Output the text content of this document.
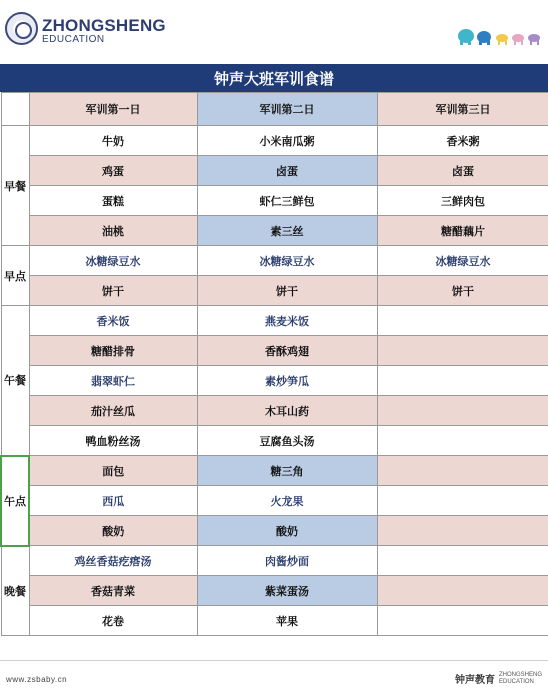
ZHONGSHENG
EDUCATION
钟声大班军训食谱
	军训第一日	军训第二日	军训第三日
早餐	牛奶	小米南瓜粥	香米粥
	鸡蛋	卤蛋	卤蛋
	蛋糕	虾仁三鲜包	三鲜肉包
	油桃	素三丝	糖醋藕片
早点	冰糖绿豆水	冰糖绿豆水	冰糖绿豆水
	饼干	饼干	饼干
午餐	香米饭	燕麦米饭	
	糖醋排骨	香酥鸡翅	
	翡翠虾仁	素炒笋瓜	
	茄汁丝瓜	木耳山药	
	鸭血粉丝汤	豆腐鱼头汤	
午点	面包	糖三角	
	西瓜	火龙果	
	酸奶	酸奶	
晚餐	鸡丝香菇疙瘩汤	肉酱炒面	
	香菇青菜	紫菜蛋汤	
	花卷	苹果	
www.zsbaby.cn	钟声教育
ZHONGSHENG
EDUCATION
